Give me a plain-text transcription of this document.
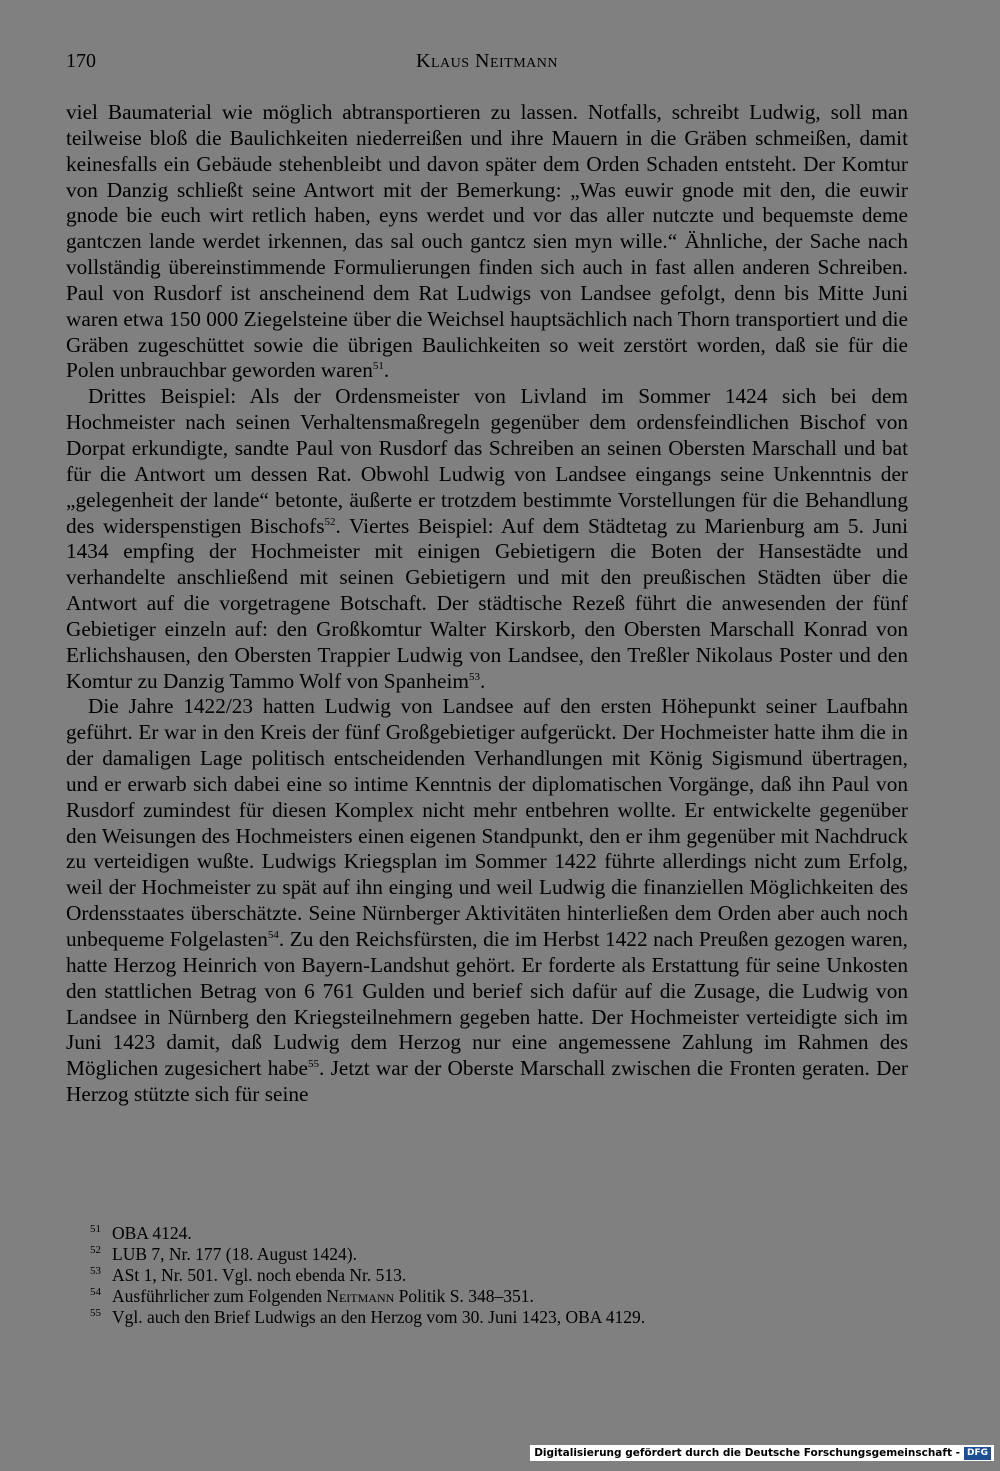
170	Klaus Neitmann

viel Baumaterial wie möglich abtransportieren zu lassen. Notfalls, schreibt Ludwig, soll man teilweise bloß die Baulichkeiten niederreißen und ihre Mauern in die Gräben schmeißen, damit keinesfalls ein Gebäude stehenbleibt und davon später dem Orden Schaden entsteht. Der Komtur von Danzig schließt seine Antwort mit der Bemerkung: „Was euwir gnode mit den, die euwir gnode bie euch wirt retlich haben, eyns werdet und vor das aller nutczte und bequemste deme gantczen lande werdet irkennen, das sal ouch gantcz sien myn wille.“ Ähnliche, der Sache nach vollständig übereinstimmende Formulierungen finden sich auch in fast allen anderen Schreiben. Paul von Rusdorf ist anscheinend dem Rat Ludwigs von Landsee gefolgt, denn bis Mitte Juni waren etwa 150 000 Ziegelsteine über die Weichsel hauptsächlich nach Thorn transportiert und die Gräben zugeschüttet sowie die übrigen Baulichkeiten so weit zerstört worden, daß sie für die Polen unbrauchbar geworden waren$^{51}$.

Drittes Beispiel: Als der Ordensmeister von Livland im Sommer 1424 sich bei dem Hochmeister nach seinen Verhaltensmaßregeln gegenüber dem ordensfeindlichen Bischof von Dorpat erkundigte, sandte Paul von Rusdorf das Schreiben an seinen Obersten Marschall und bat für die Antwort um dessen Rat. Obwohl Ludwig von Landsee eingangs seine Unkenntnis der „gelegenheit der lande“ betonte, äußerte er trotzdem bestimmte Vorstellungen für die Behandlung des widerspenstigen Bischofs$^{52}$. Viertes Beispiel: Auf dem Städtetag zu Marienburg am 5. Juni 1434 empfing der Hochmeister mit einigen Gebietigern die Boten der Hansestädte und verhandelte anschließend mit seinen Gebietigern und mit den preußischen Städten über die Antwort auf die vorgetragene Botschaft. Der städtische Rezeß führt die anwesenden der fünf Gebietiger einzeln auf: den Großkomtur Walter Kirskorb, den Obersten Marschall Konrad von Erlichshausen, den Obersten Trappier Ludwig von Landsee, den Treßler Nikolaus Poster und den Komtur zu Danzig Tammo Wolf von Spanheim$^{53}$.

Die Jahre 1422/23 hatten Ludwig von Landsee auf den ersten Höhepunkt seiner Laufbahn geführt. Er war in den Kreis der fünf Großgebietiger aufgerückt. Der Hochmeister hatte ihm die in der damaligen Lage politisch entscheidenden Verhandlungen mit König Sigismund übertragen, und er erwarb sich dabei eine so intime Kenntnis der diplomatischen Vorgänge, daß ihn Paul von Rusdorf zumindest für diesen Komplex nicht mehr entbehren wollte. Er entwickelte gegenüber den Weisungen des Hochmeisters einen eigenen Standpunkt, den er ihm gegenüber mit Nachdruck zu verteidigen wußte. Ludwigs Kriegsplan im Sommer 1422 führte allerdings nicht zum Erfolg, weil der Hochmeister zu spät auf ihn einging und weil Ludwig die finanziellen Möglichkeiten des Ordensstaates überschätzte. Seine Nürnberger Aktivitäten hinterließen dem Orden aber auch noch unbequeme Folgelasten$^{54}$. Zu den Reichsfürsten, die im Herbst 1422 nach Preußen gezogen waren, hatte Herzog Heinrich von Bayern-Landshut gehört. Er forderte als Erstattung für seine Unkosten den stattlichen Betrag von 6 761 Gulden und berief sich dafür auf die Zusage, die Ludwig von Landsee in Nürnberg den Kriegsteilnehmern gegeben hatte. Der Hochmeister verteidigte sich im Juni 1423 damit, daß Ludwig dem Herzog nur eine angemessene Zahlung im Rahmen des Möglichen zugesichert habe$^{55}$. Jetzt war der Oberste Marschall zwischen die Fronten geraten. Der Herzog stützte sich für seine

51 OBA 4124.
52 LUB 7, Nr. 177 (18. August 1424).
53 ASt 1, Nr. 501. Vgl. noch ebenda Nr. 513.
54 Ausführlicher zum Folgenden Neitmann Politik S. 348–351.
55 Vgl. auch den Brief Ludwigs an den Herzog vom 30. Juni 1423, OBA 4129.
Digitalisierung gefördert durch die Deutsche Forschungsgemeinschaft - DFG
